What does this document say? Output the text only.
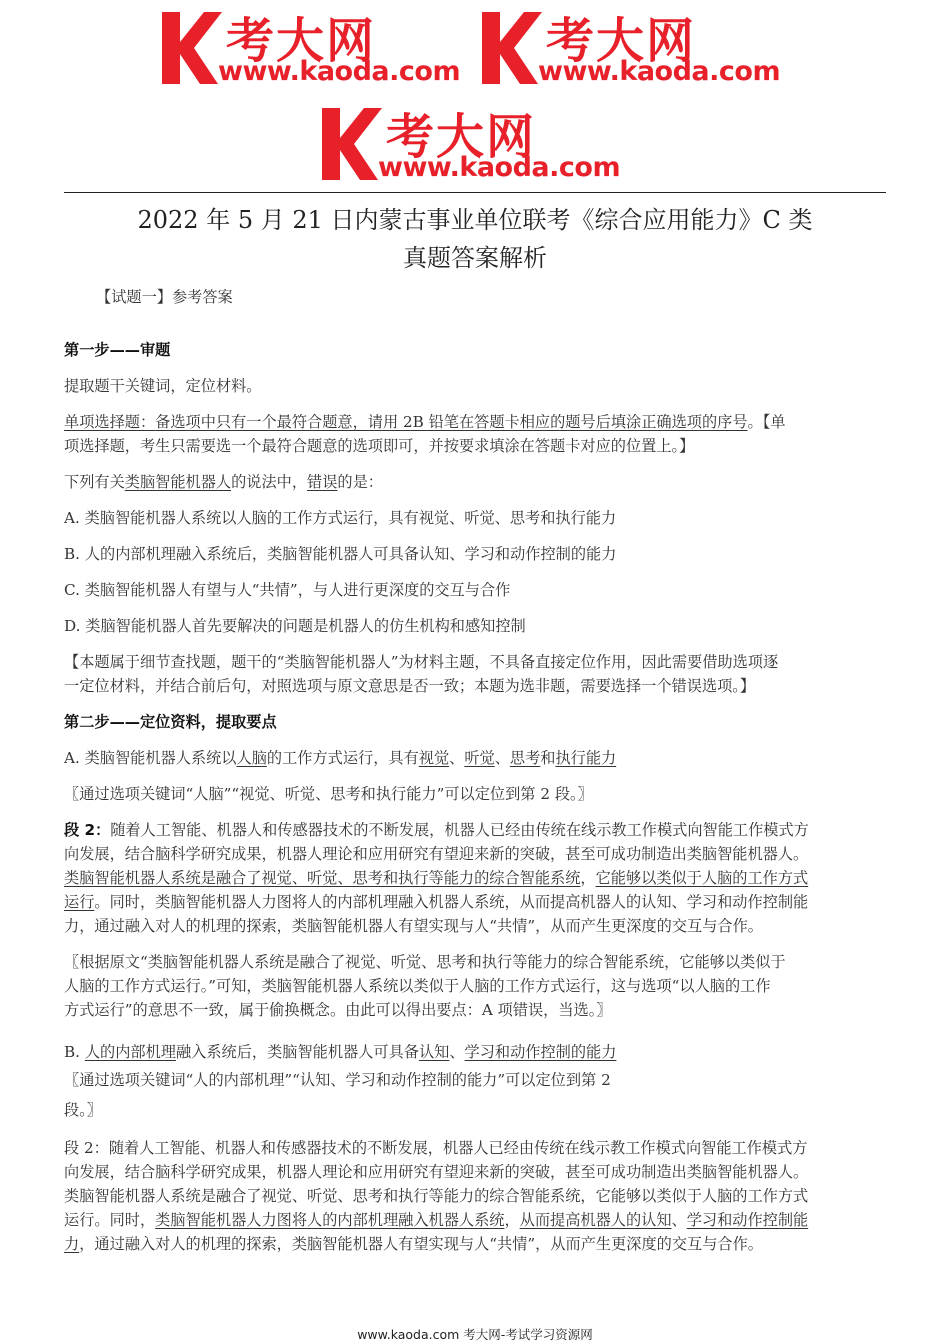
考大网
www.kaoda.com
考大网
www.kaoda.com
考大网
www.kaoda.com
2022 年 5 月 21 日内蒙古事业单位联考《综合应用能力》C 类
真题答案解析

【试题一】参考答案

第一步——审题

提取题干关键词，定位材料。

单项选择题：备选项中只有一个最符合题意，请用 2B 铅笔在答题卡相应的题号后填涂正确选项的序号。【单

项选择题，考生只需要选一个最符合题意的选项即可，并按要求填涂在答题卡对应的位置上。】

下列有关类脑智能机器人的说法中，错误的是：

A. 类脑智能机器人系统以人脑的工作方式运行，具有视觉、听觉、思考和执行能力

B. 人的内部机理融入系统后，类脑智能机器人可具备认知、学习和动作控制的能力

C. 类脑智能机器人有望与人“共情”，与人进行更深度的交互与合作

D. 类脑智能机器人首先要解决的问题是机器人的仿生机构和感知控制

【本题属于细节查找题，题干的“类脑智能机器人”为材料主题，不具备直接定位作用，因此需要借助选项逐

一定位材料，并结合前后句，对照选项与原文意思是否一致；本题为选非题，需要选择一个错误选项。】

第二步——定位资料，提取要点

A. 类脑智能机器人系统以人脑的工作方式运行，具有视觉、听觉、思考和执行能力

〖通过选项关键词“人脑”“视觉、听觉、思考和执行能力”可以定位到第 2 段。〗

段 2：随着人工智能、机器人和传感器技术的不断发展，机器人已经由传统在线示教工作模式向智能工作模式方

向发展，结合脑科学研究成果，机器人理论和应用研究有望迎来新的突破，甚至可成功制造出类脑智能机器人。

类脑智能机器人系统是融合了视觉、听觉、思考和执行等能力的综合智能系统，它能够以类似于人脑的工作方式

运行。同时，类脑智能机器人力图将人的内部机理融入机器人系统，从而提高机器人的认知、学习和动作控制能

力，通过融入对人的机理的探索，类脑智能机器人有望实现与人“共情”，从而产生更深度的交互与合作。

〖根据原文“类脑智能机器人系统是融合了视觉、听觉、思考和执行等能力的综合智能系统，它能够以类似于

人脑的工作方式运行。”可知，类脑智能机器人系统以类似于人脑的工作方式运行，这与选项“以人脑的工作

方式运行”的意思不一致，属于偷换概念。由此可以得出要点：A 项错误，当选。〗

B. 人的内部机理融入系统后，类脑智能机器人可具备认知、学习和动作控制的能力

〖通过选项关键词“人的内部机理”“认知、学习和动作控制的能力”可以定位到第 2

段。〗

段 2：随着人工智能、机器人和传感器技术的不断发展，机器人已经由传统在线示教工作模式向智能工作模式方

向发展，结合脑科学研究成果，机器人理论和应用研究有望迎来新的突破，甚至可成功制造出类脑智能机器人。

类脑智能机器人系统是融合了视觉、听觉、思考和执行等能力的综合智能系统，它能够以类似于人脑的工作方式

运行。同时，类脑智能机器人力图将人的内部机理融入机器人系统，从而提高机器人的认知、学习和动作控制能

力，通过融入对人的机理的探索，类脑智能机器人有望实现与人“共情”，从而产生更深度的交互与合作。

www.kaoda.com 考大网-考试学习资源网
